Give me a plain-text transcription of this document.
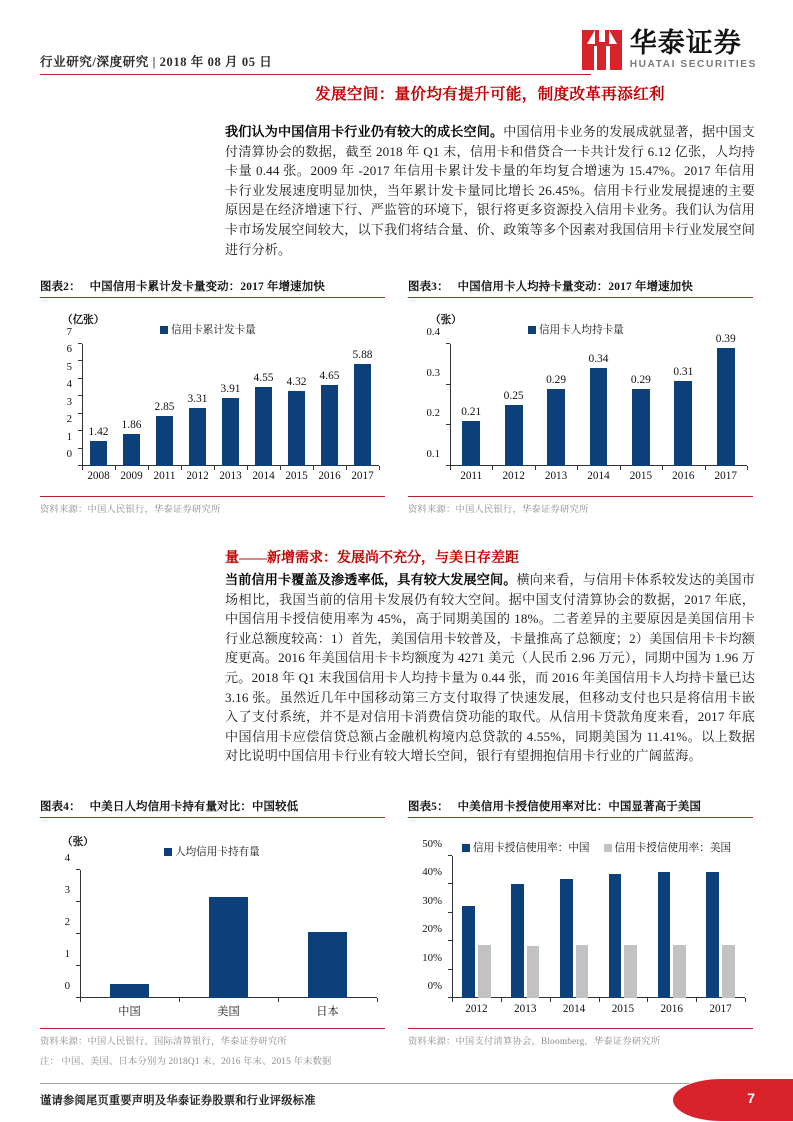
行业研究/深度研究 | 2018 年 08 月 05 日
华泰证券
HUATAI SECURITIES
发展空间：量价均有提升可能，制度改革再添红利
我们认为中国信用卡行业仍有较大的成长空间。中国信用卡业务的发展成就显著，据中国支付清算协会的数据，截至 2018 年 Q1 末，信用卡和借贷合一卡共计发行 6.12 亿张，人均持卡量 0.44 张。2009 年 -2017 年信用卡累计发卡量的年均复合增速为 15.47%。2017 年信用卡行业发展速度明显加快，当年累计发卡量同比增长 26.45%。信用卡行业发展提速的主要原因是在经济增速下行、严监管的环境下，银行将更多资源投入信用卡业务。我们认为信用卡市场发展空间较大，以下我们将结合量、价、政策等多个因素对我国信用卡行业发展空间进行分析。
图表2： 中国信用卡累计发卡量变动：2017 年增速加快
（亿张）
信用卡累计发卡量
0
1
2
3
4
5
6
7
1.42
1.86
2.85
3.31
3.91
4.55 4.32 4.65
5.88
2008 2009 2011 2012 2013 2014 2015 2016 2017
资料来源：中国人民银行，华泰证券研究所
图表3： 中国信用卡人均持卡量变动：2017 年增速加快
（张）
信用卡人均持卡量
0.1
0.2
0.3
0.4
0.21
0.25
0.29
0.34
0.29
0.31
0.39
2011	2012	2013	2014	2015	2016	2017
资料来源：中国人民银行，华泰证券研究所
量——新增需求：发展尚不充分，与美日存差距
当前信用卡覆盖及渗透率低，具有较大发展空间。横向来看，与信用卡体系较发达的美国市场相比，我国当前的信用卡发展仍有较大空间。据中国支付清算协会的数据，2017 年底，中国信用卡授信使用率为 45%，高于同期美国的 18%。二者差异的主要原因是美国信用卡行业总额度较高：1）首先，美国信用卡较普及，卡量推高了总额度；2）美国信用卡卡均额度更高。2016 年美国信用卡卡均额度为 4271 美元（人民币 2.96 万元），同期中国为 1.96 万元。2018 年 Q1 末我国信用卡人均持卡量为 0.44 张，而 2016 年美国信用卡人均持卡量已达 3.16 张。虽然近几年中国移动第三方支付取得了快速发展，但移动支付也只是将信用卡嵌入了支付系统，并不是对信用卡消费信贷功能的取代。从信用卡贷款角度来看，2017 年底中国信用卡应偿信贷总额占金融机构境内总贷款的 4.55%，同期美国为 11.41%。以上数据对比说明中国信用卡行业有较大增长空间，银行有望拥抱信用卡行业的广阔蓝海。
图表4： 中美日人均信用卡持有量对比：中国较低
（张）
人均信用卡持有量
0
1
2
3
4
中国	美国	日本
资料来源：中国人民银行，国际清算银行，华泰证券研究所
注： 中国、美国、日本分别为 2018Q1 末、2016 年末、2015 年末数据
图表5： 中美信用卡授信使用率对比：中国显著高于美国
信用卡授信使用率：中国 信用卡授信使用率：美国
0%
10%
20%
30%
40%
50%
2012	2013	2014	2015	2016	2017
资料来源：中国支付清算协会，Bloomberg，华泰证券研究所
谨请参阅尾页重要声明及华泰证券股票和行业评级标准	7
